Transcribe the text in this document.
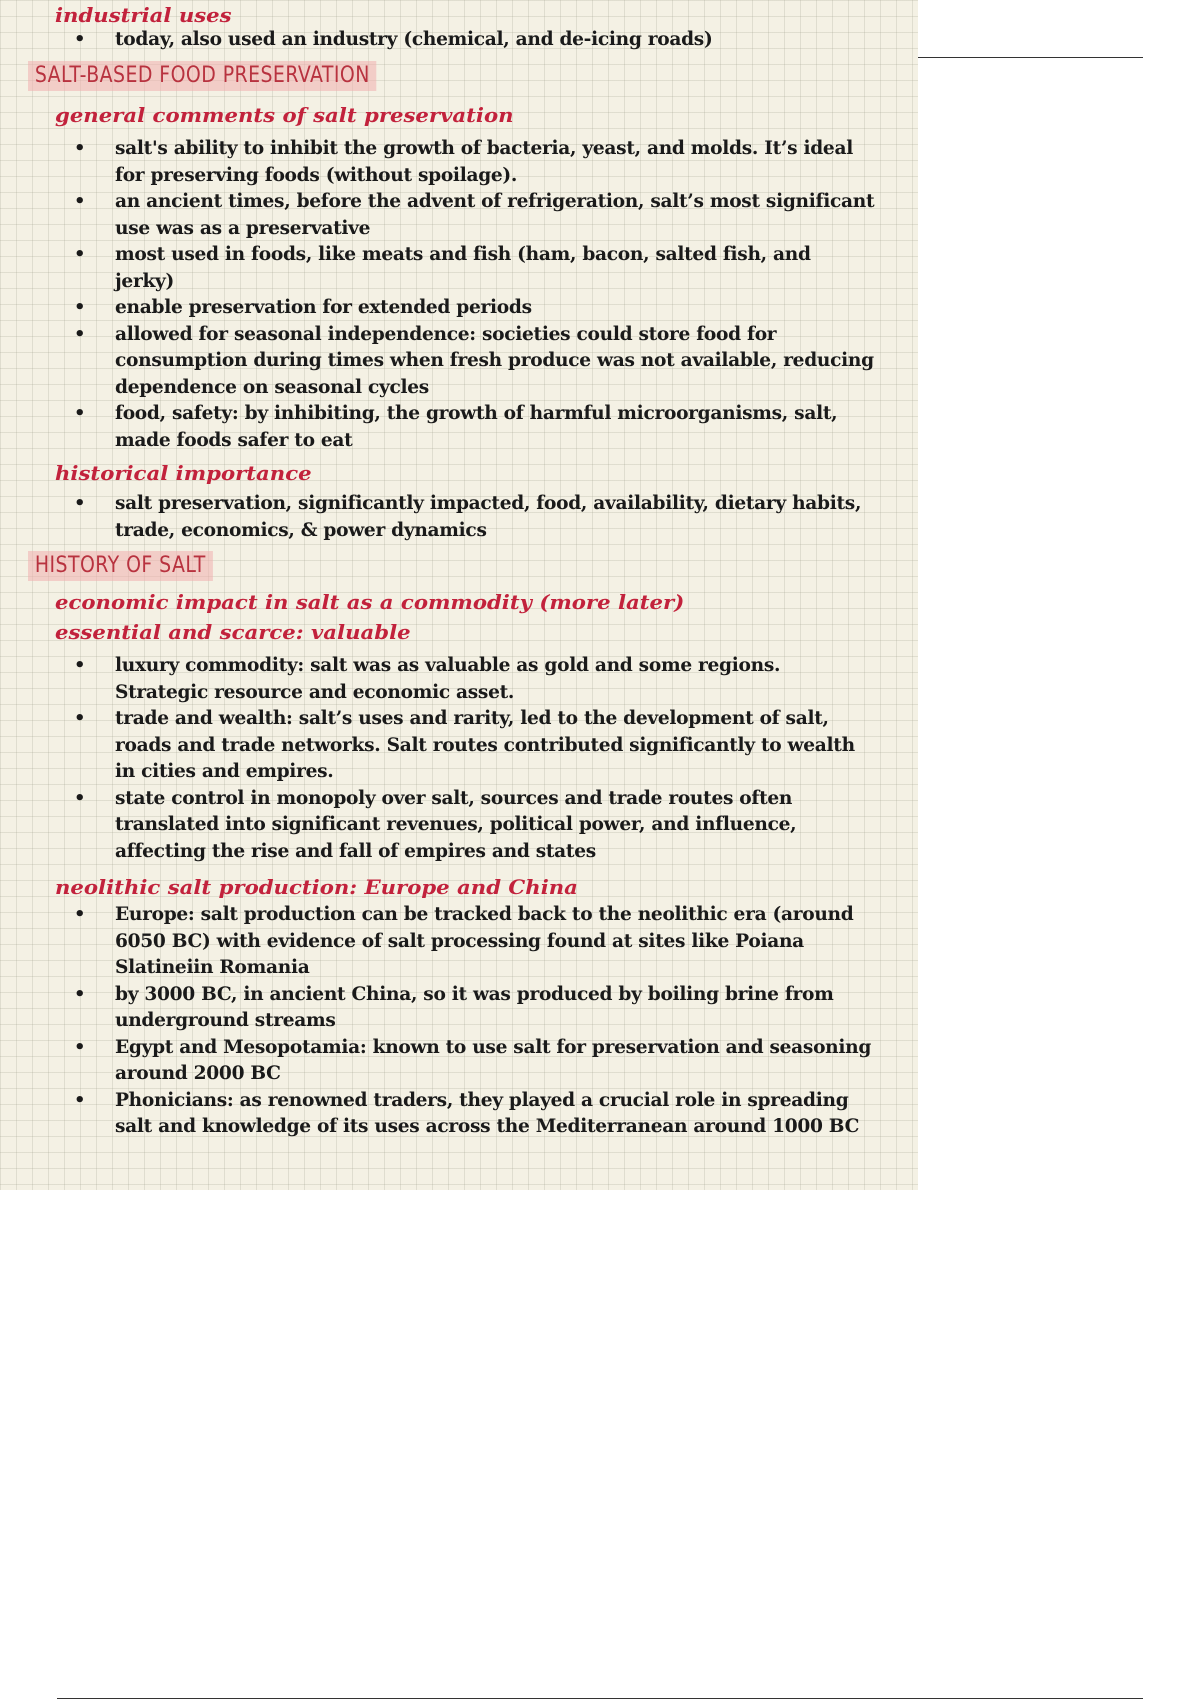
industrial uses
• today, also used an industry (chemical, and de-icing roads)
SALT-BASED FOOD PRESERVATION
general comments of salt preservation
• salt's ability to inhibit the growth of bacteria, yeast, and molds. It’s ideal for preserving foods (without spoilage).
• an ancient times, before the advent of refrigeration, salt’s most significant use was as a preservative
• most used in foods, like meats and fish (ham, bacon, salted fish, and jerky)
• enable preservation for extended periods
• allowed for seasonal independence: societies could store food for consumption during times when fresh produce was not available, reducing dependence on seasonal cycles
• food, safety: by inhibiting, the growth of harmful microorganisms, salt, made foods safer to eat
historical importance
• salt preservation, significantly impacted, food, availability, dietary habits, trade, economics, & power dynamics
HISTORY OF SALT
economic impact in salt as a commodity (more later)
essential and scarce: valuable
• luxury commodity: salt was as valuable as gold and some regions. Strategic resource and economic asset.
• trade and wealth: salt’s uses and rarity, led to the development of salt, roads and trade networks. Salt routes contributed significantly to wealth in cities and empires.
• state control in monopoly over salt, sources and trade routes often translated into significant revenues, political power, and influence, affecting the rise and fall of empires and states
neolithic salt production: Europe and China
• Europe: salt production can be tracked back to the neolithic era (around 6050 BC) with evidence of salt processing found at sites like Poiana Slatineiin Romania
• by 3000 BC, in ancient China, so it was produced by boiling brine from underground streams
• Egypt and Mesopotamia: known to use salt for preservation and seasoning around 2000 BC
• Phonicians: as renowned traders, they played a crucial role in spreading salt and knowledge of its uses across the Mediterranean around 1000 BC
